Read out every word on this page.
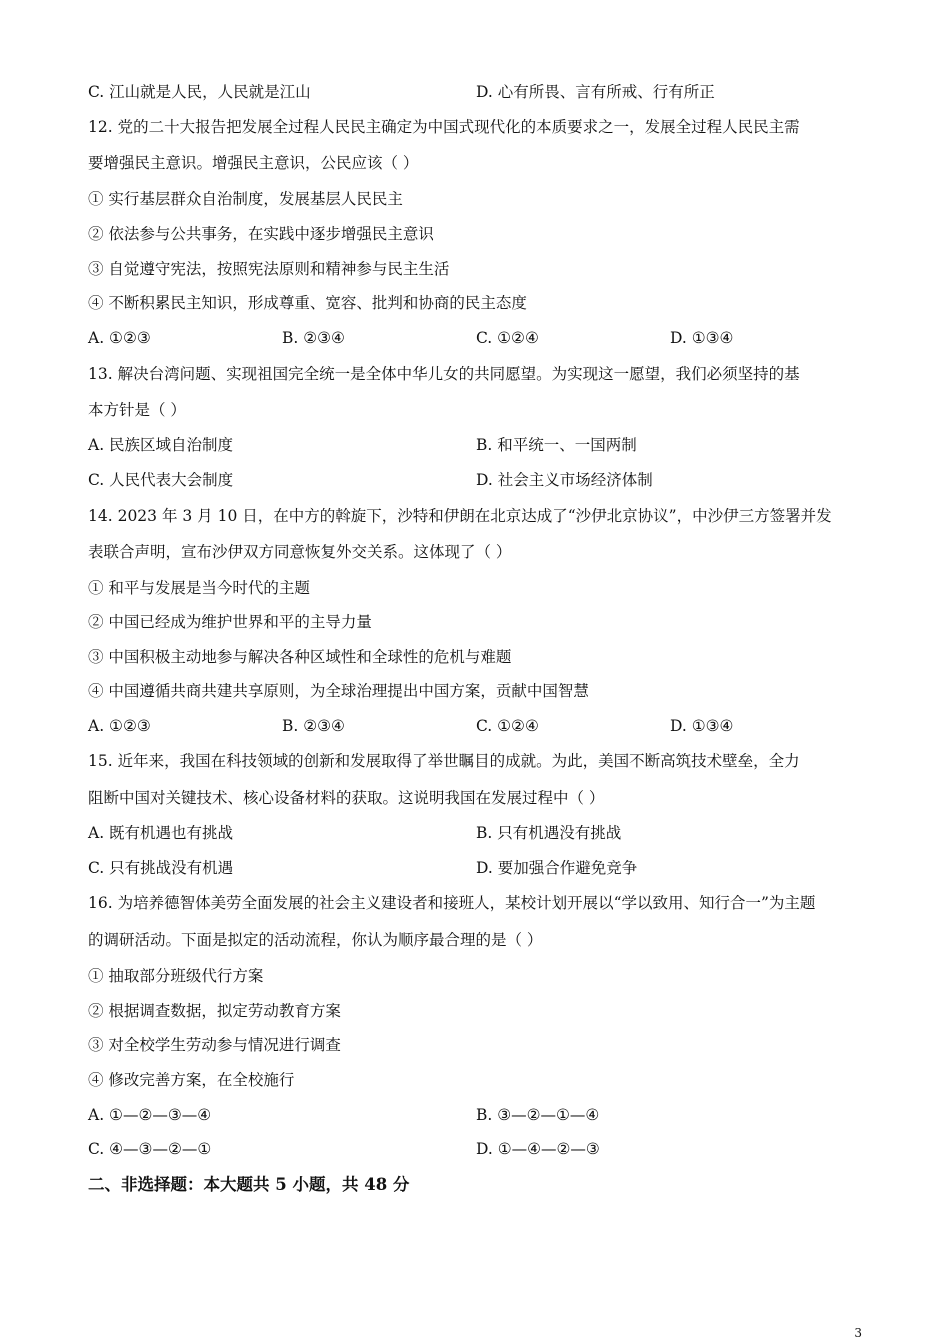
C. 江山就是人民，人民就是江山	D. 心有所畏、言有所戒、行有所正
12. 党的二十大报告把发展全过程人民民主确定为中国式现代化的本质要求之一，发展全过程人民民主需
要增强民主意识。增强民主意识，公民应该（ ）
① 实行基层群众自治制度，发展基层人民民主
② 依法参与公共事务，在实践中逐步增强民主意识
③ 自觉遵守宪法，按照宪法原则和精神参与民主生活
④ 不断积累民主知识，形成尊重、宽容、批判和协商的民主态度
A. ①②③	B. ②③④	C. ①②④	D. ①③④
13. 解决台湾问题、实现祖国完全统一是全体中华儿女的共同愿望。为实现这一愿望，我们必须坚持的基
本方针是（ ）
A. 民族区域自治制度	B. 和平统一、一国两制
C. 人民代表大会制度	D. 社会主义市场经济体制
14. 2023 年 3 月 10 日，在中方的斡旋下，沙特和伊朗在北京达成了“沙伊北京协议”，中沙伊三方签署并发
表联合声明，宣布沙伊双方同意恢复外交关系。这体现了（ ）
① 和平与发展是当今时代的主题
② 中国已经成为维护世界和平的主导力量
③ 中国积极主动地参与解决各种区域性和全球性的危机与难题
④ 中国遵循共商共建共享原则，为全球治理提出中国方案，贡献中国智慧
A. ①②③	B. ②③④	C. ①②④	D. ①③④
15. 近年来，我国在科技领域的创新和发展取得了举世瞩目的成就。为此，美国不断高筑技术壁垒，全力
阻断中国对关键技术、核心设备材料的获取。这说明我国在发展过程中（ ）
A. 既有机遇也有挑战	B. 只有机遇没有挑战
C. 只有挑战没有机遇	D. 要加强合作避免竞争
16. 为培养德智体美劳全面发展的社会主义建设者和接班人，某校计划开展以“学以致用、知行合一”为主题
的调研活动。下面是拟定的活动流程，你认为顺序最合理的是（ ）
① 抽取部分班级代行方案
② 根据调查数据，拟定劳动教育方案
③ 对全校学生劳动参与情况进行调查
④ 修改完善方案，在全校施行
A. ①—②—③—④	B. ③—②—①—④
C. ④—③—②—①	D. ①—④—②—③
二、非选择题：本大题共 5 小题，共 48 分
3
